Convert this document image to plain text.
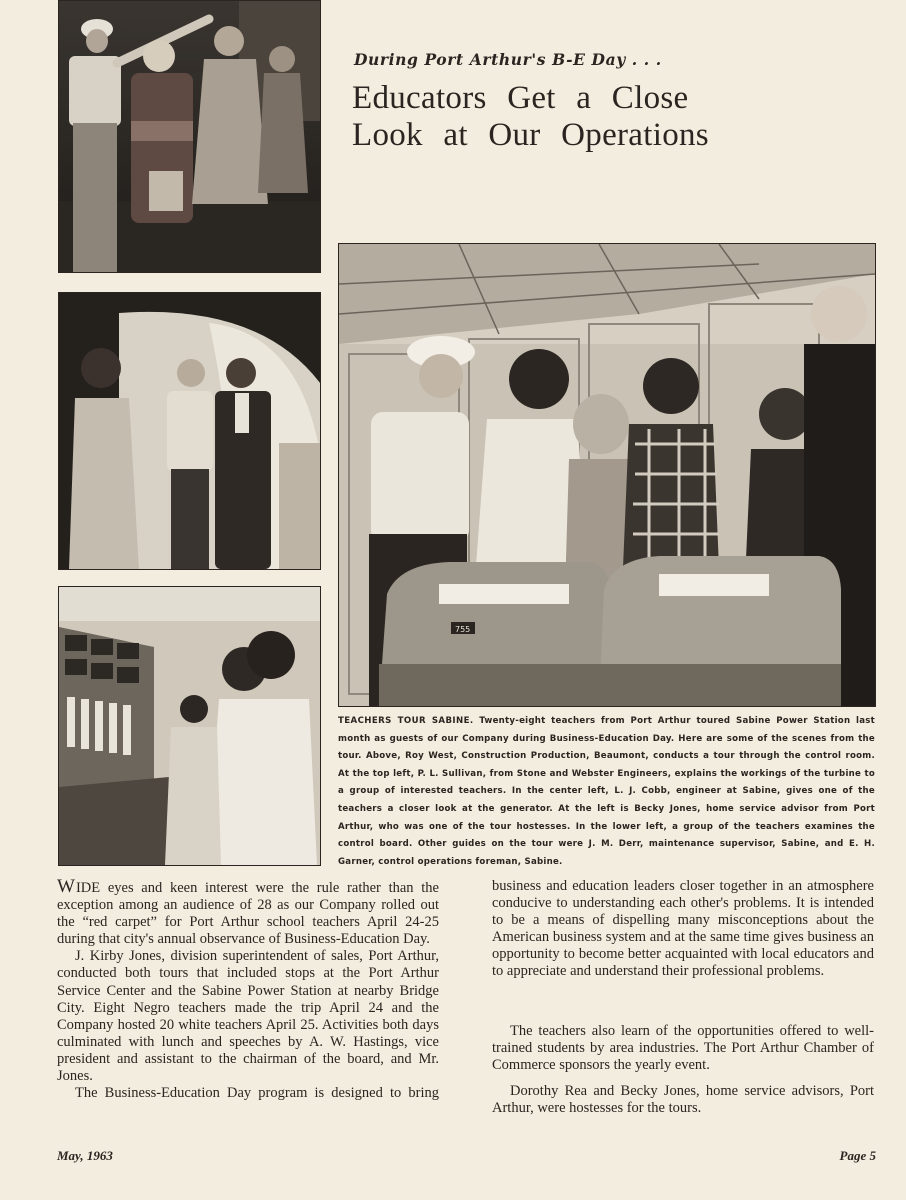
755
During Port Arthur's B-E Day . . .
Educators Get a Close
Look at Our Operations
TEACHERS TOUR SABINE. Twenty-eight teachers from Port Arthur toured Sabine Power Station last month as guests of our Company during Business-Education Day. Here are some of the scenes from the tour. Above, Roy West, Construction Production, Beaumont, conducts a tour through the control room. At the top left, P. L. Sullivan, from Stone and Webster Engineers, explains the workings of the turbine to a group of interested teachers. In the center left, L. J. Cobb, engineer at Sabine, gives one of the teachers a closer look at the generator. At the left is Becky Jones, home service advisor from Port Arthur, who was one of the tour hostesses. In the lower left, a group of the teachers examines the control board. Other guides on the tour were J. M. Derr, maintenance supervisor, Sabine, and E. H. Garner, control operations foreman, Sabine.

WIDE eyes and keen interest were the rule rather than the exception among an audience of 28 as our Company rolled out the “red carpet” for Port Arthur school teachers April 24-25 during that city's annual observance of Business-Education Day.

J. Kirby Jones, division superintendent of sales, Port Arthur, conducted both tours that included stops at the Port Arthur Service Center and the Sabine Power Station at nearby Bridge City. Eight Negro teachers made the trip April 24 and the Company hosted 20 white teachers April 25. Activities both days culminated with lunch and speeches by A. W. Hastings, vice president and assistant to the chairman of the board, and Mr. Jones.

The Business-Education Day program is designed to bring

business and education leaders closer together in an atmosphere conducive to understanding each other's problems. It is intended to be a means of dispelling many misconceptions about the American business system and at the same time gives business an opportunity to become better acquainted with local educators and to appreciate and understand their professional problems.

The teachers also learn of the opportunities offered to well-trained students by area industries. The Port Arthur Chamber of Commerce sponsors the yearly event.

Dorothy Rea and Becky Jones, home service advisors, Port Arthur, were hostesses for the tours.

May, 1963	Page 5
